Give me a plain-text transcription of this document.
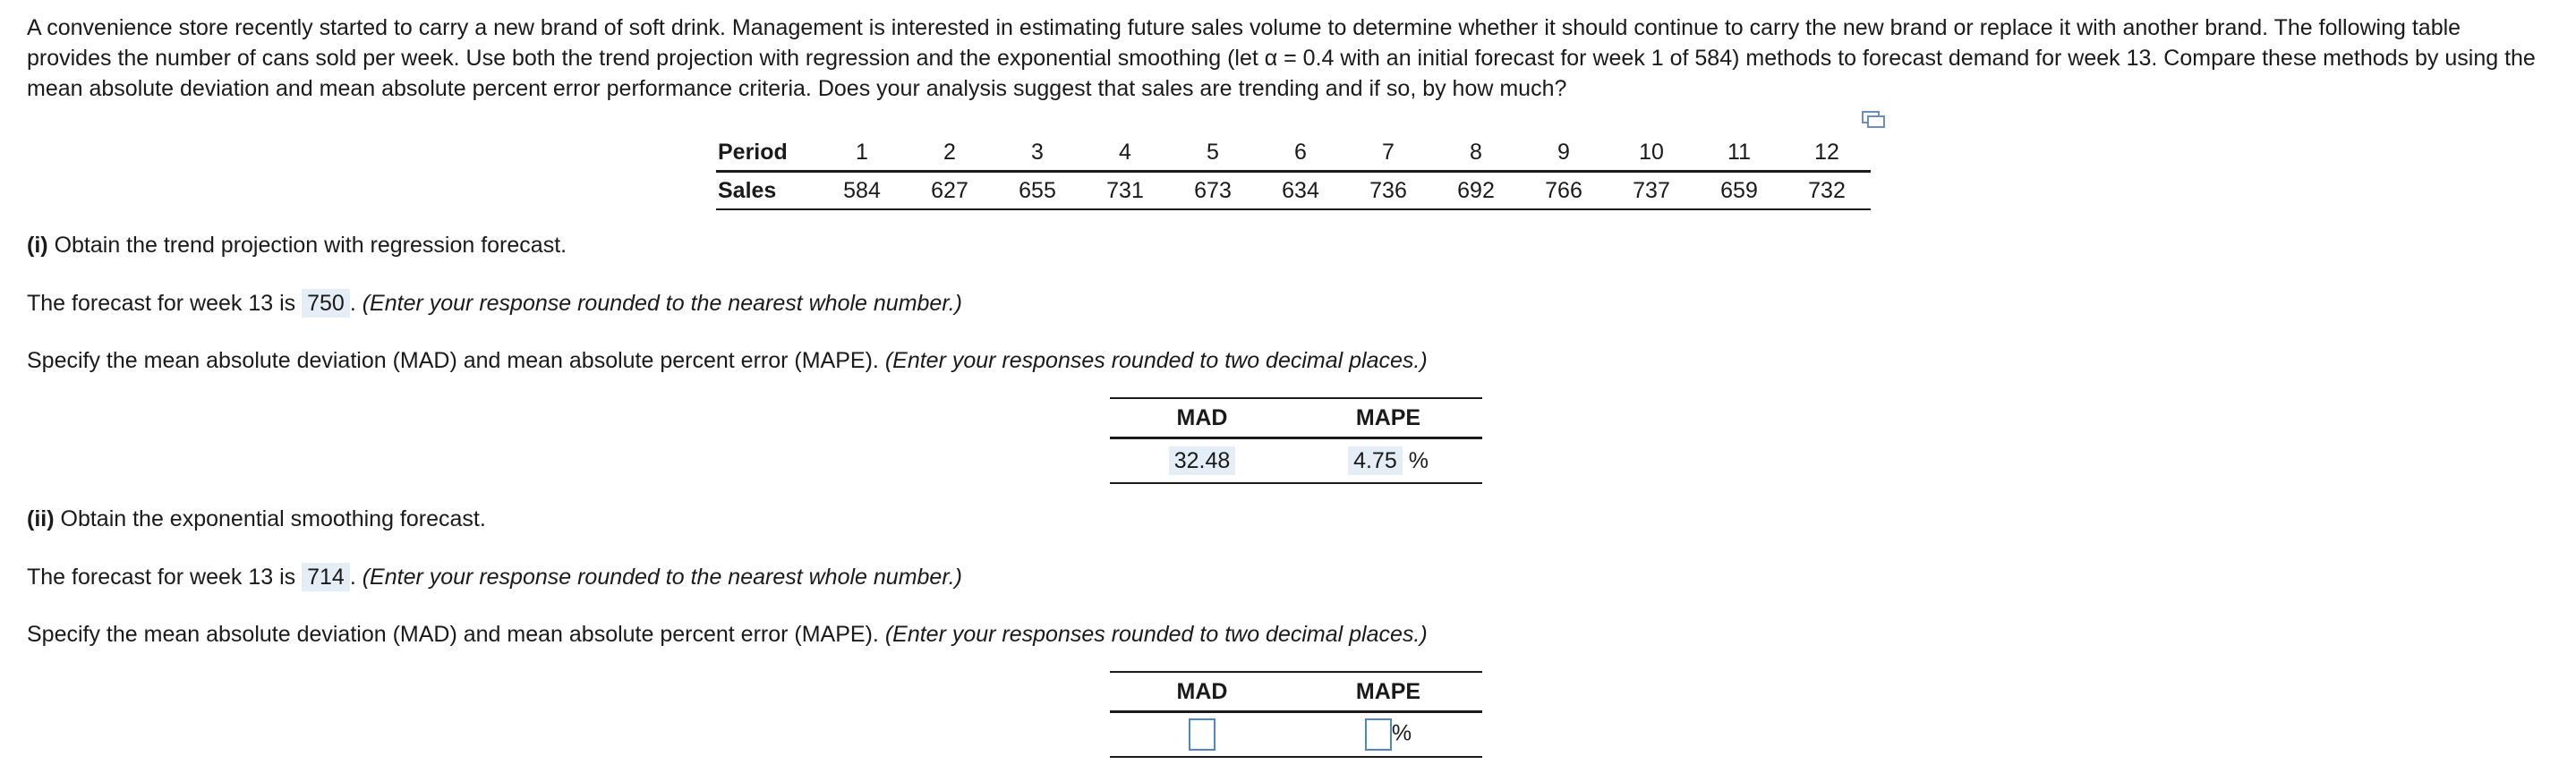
A convenience store recently started to carry a new brand of soft drink. Management is interested in estimating future sales volume to determine whether it should continue to carry the new brand or replace it with another brand. The following table provides the number of cans sold per week. Use both the trend projection with regression and the exponential smoothing (let α = 0.4 with an initial forecast for week 1 of 584) methods to forecast demand for week 13. Compare these methods by using the mean absolute deviation and mean absolute percent error performance criteria. Does your analysis suggest that sales are trending and if so, by how much?

Period	1	2	3	4	5	6	7	8	9	10	11	12
Sales	584	627	655	731	673	634	736	692	766	737	659	732

(i) Obtain the trend projection with regression forecast.

The forecast for week 13 is 750 . (Enter your response rounded to the nearest whole number.)

Specify the mean absolute deviation (MAD) and mean absolute percent error (MAPE). (Enter your responses rounded to two decimal places.)

MAD	MAPE
32.48	4.75 %

(ii) Obtain the exponential smoothing forecast.

The forecast for week 13 is 714 . (Enter your response rounded to the nearest whole number.)

Specify the mean absolute deviation (MAD) and mean absolute percent error (MAPE). (Enter your responses rounded to two decimal places.)

MAD	MAPE
	%
